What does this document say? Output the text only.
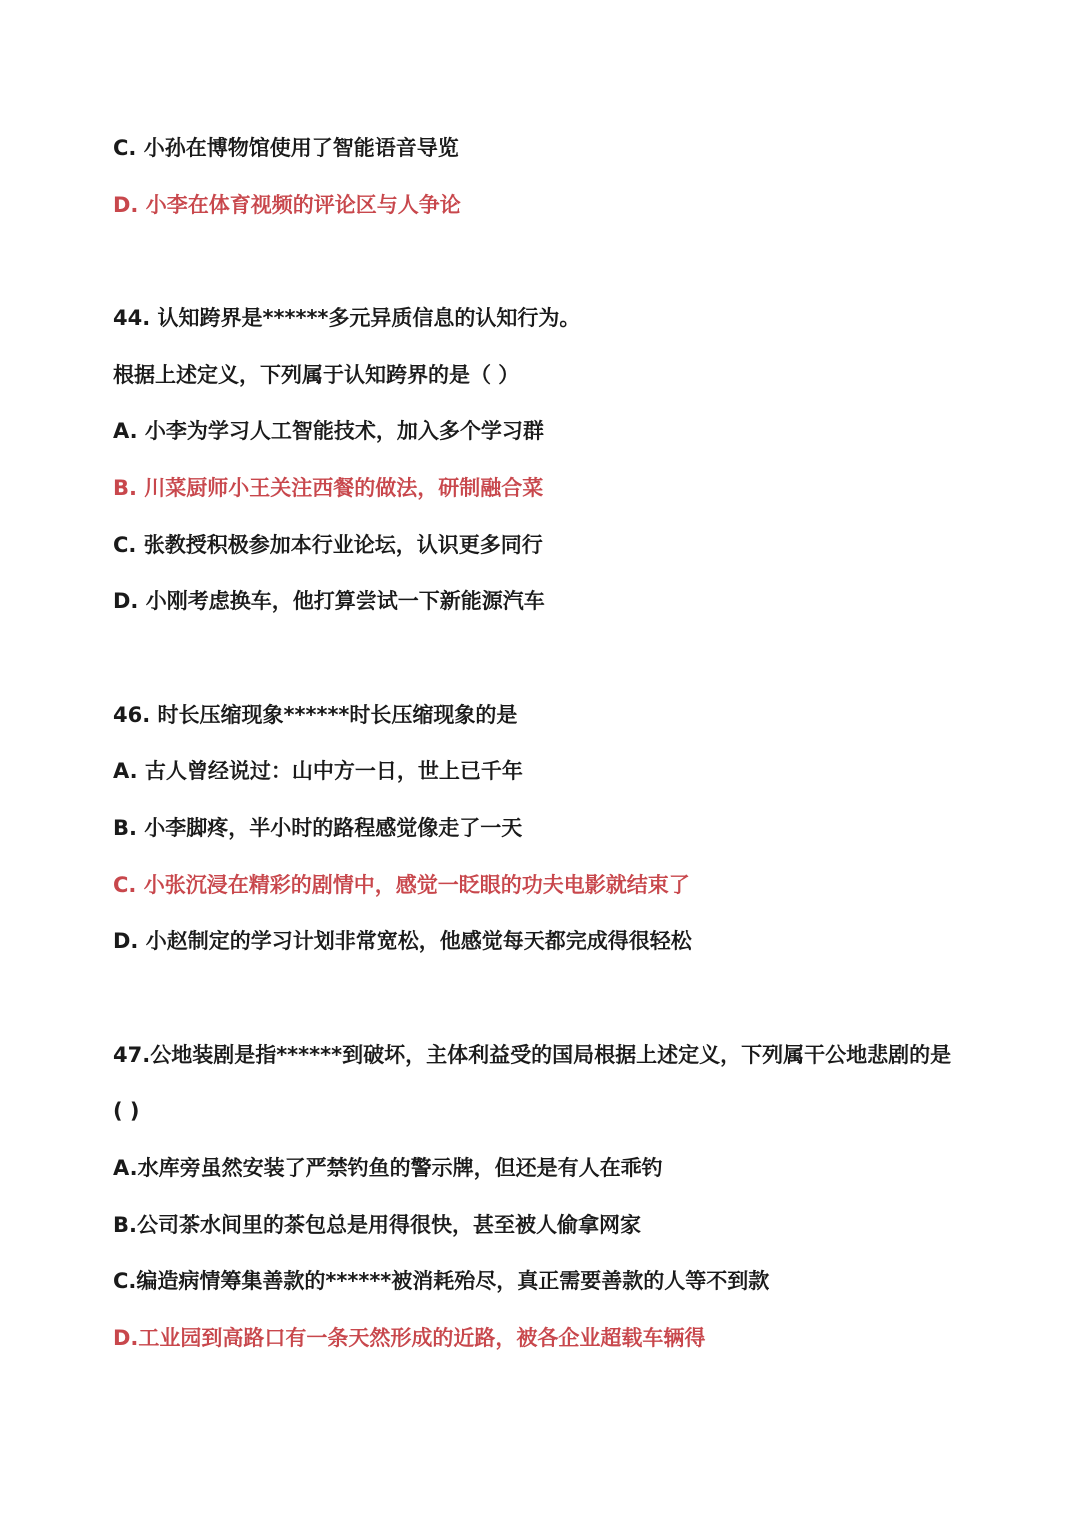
C. 小孙在博物馆使用了智能语音导览

D. 小李在体育视频的评论区与人争论

44. 认知跨界是******多元异质信息的认知行为。

根据上述定义，下列属于认知跨界的是（ ）

A. 小李为学习人工智能技术，加入多个学习群

B. 川菜厨师小王关注西餐的做法，研制融合菜

C. 张教授积极参加本行业论坛，认识更多同行

D. 小刚考虑换车，他打算尝试一下新能源汽车

46. 时长压缩现象******时长压缩现象的是

A. 古人曾经说过：山中方一日，世上已千年

B. 小李脚疼，半小时的路程感觉像走了一天

C. 小张沉浸在精彩的剧情中，感觉一眨眼的功夫电影就结束了

D. 小赵制定的学习计划非常宽松，他感觉每天都完成得很轻松

47.公地装剧是指******到破坏，主体利益受的国局根据上述定义，下列属干公地悲剧的是

( )

A.水库旁虽然安装了严禁钓鱼的警示牌，但还是有人在乖钓

B.公司茶水间里的茶包总是用得很快，甚至被人偷拿网家

C.编造病情筹集善款的******被消耗殆尽，真正需要善款的人等不到款

D.工业园到高路口有一条天然形成的近路，被各企业超载车辆得
